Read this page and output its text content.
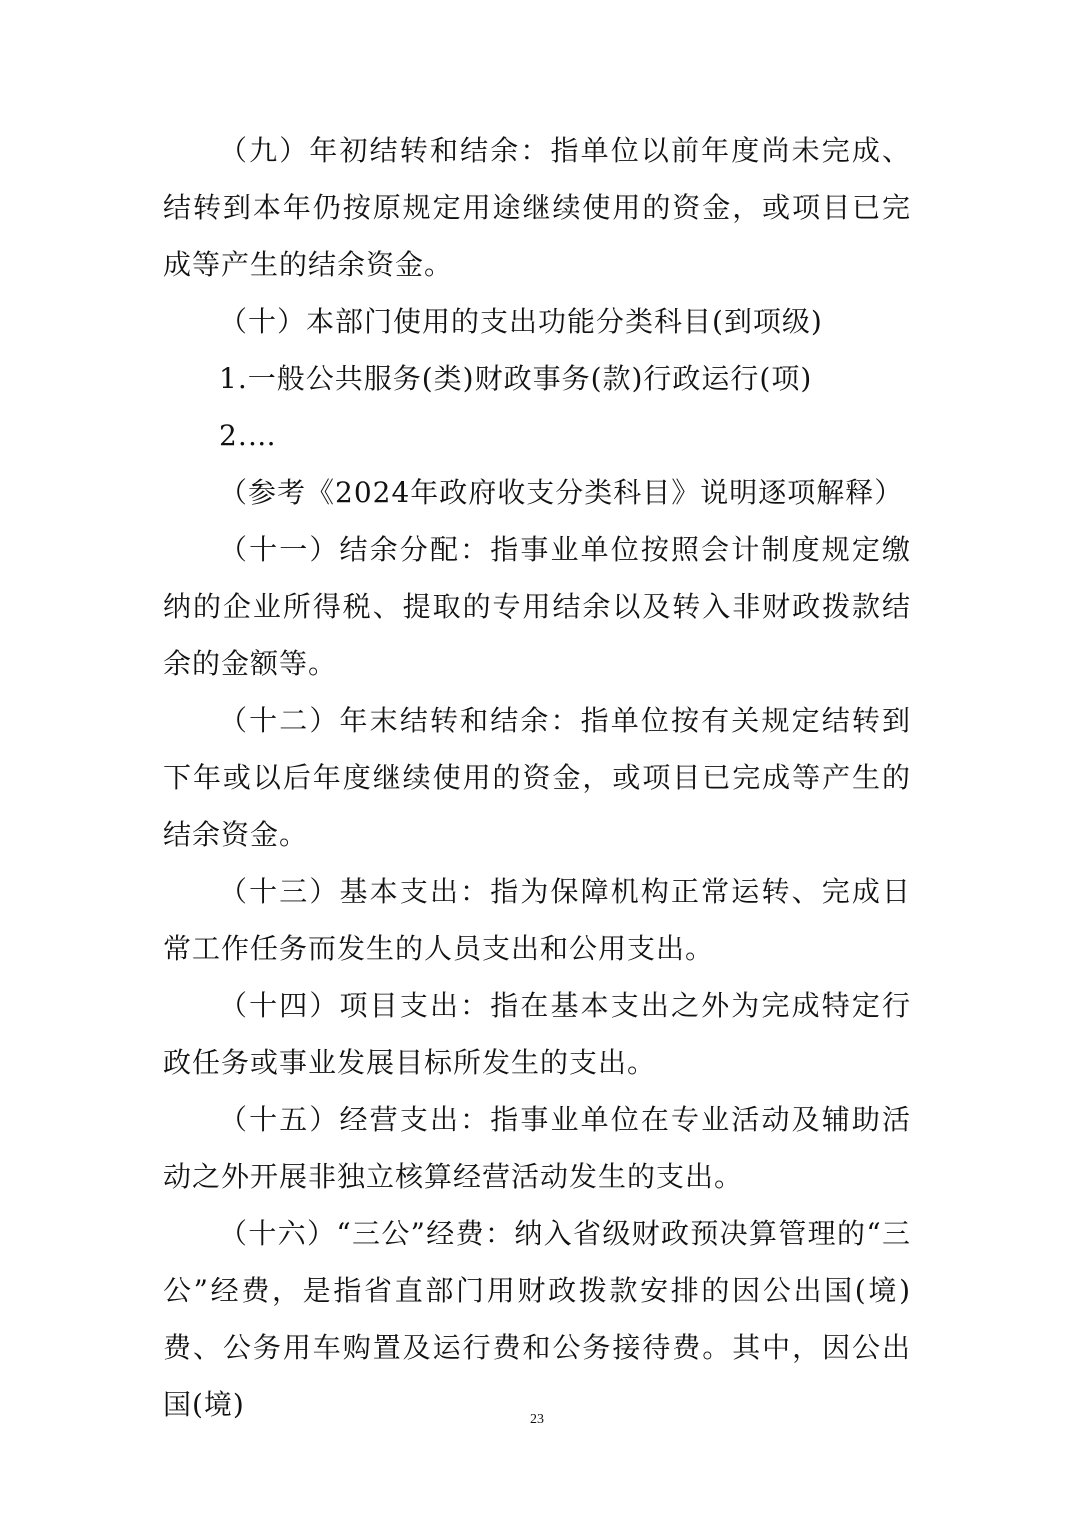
（九）年初结转和结余：指单位以前年度尚未完成、结转到本年仍按原规定用途继续使用的资金，或项目已完成等产生的结余资金。

（十）本部门使用的支出功能分类科目(到项级)

1.一般公共服务(类)财政事务(款)行政运行(项)

2.…

（参考《2024年政府收支分类科目》说明逐项解释）

（十一）结余分配：指事业单位按照会计制度规定缴纳的企业所得税、提取的专用结余以及转入非财政拨款结余的金额等。

（十二）年末结转和结余：指单位按有关规定结转到下年或以后年度继续使用的资金，或项目已完成等产生的结余资金。

（十三）基本支出：指为保障机构正常运转、完成日常工作任务而发生的人员支出和公用支出。

（十四）项目支出：指在基本支出之外为完成特定行政任务或事业发展目标所发生的支出。

（十五）经营支出：指事业单位在专业活动及辅助活动之外开展非独立核算经营活动发生的支出。

（十六）“三公”经费：纳入省级财政预决算管理的“三公”经费，是指省直部门用财政拨款安排的因公出国(境)费、公务用车购置及运行费和公务接待费。其中，因公出国(境)	23
